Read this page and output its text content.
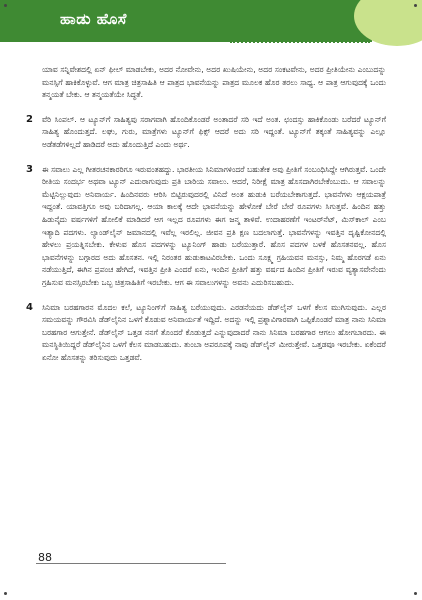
ಹಾಡು ಹೊಸೆ

ಯಾವ ಸನ್ನಿವೇಶದಲ್ಲಿ ಏನ್ ಫೀಲ್ ಮಾಡಬೇಕು, ಅದರ ನೋವೇನು, ಅದರ ಖುಷಿಯೇನು, ಅದರ ಸಂಕಟವೇನು, ಅದರ ಪ್ರೀತಿಯೇನು ಎಂಬುದನ್ನು ಮನಸ್ಸಿಗೆ ಹಾಕಿಕೊಳ್ಳುವೆ. ಆಗ ಮಾತ್ರ ಚಿತ್ರಸಾಹಿತಿ ಆ ಪಾತ್ರದ ಭಾವನೆಯನ್ನು ಪಾತ್ರದ ಮೂಲಕ ಹೊರ ತರಲು ಸಾಧ್ಯ. ಆ ಪಾತ್ರ ಆಗುವುದಕ್ಕೆ ಒಂದು ತನ್ಮಯತೆ ಬೇಕು. ಆ ತನ್ಮಯತೆಯೇ ಸಿದ್ಧತೆ.

2	ವೆರಿ ಸಿಂಪಲ್. ಆ ಟ್ಯೂನ್‌ಗೆ ಸಾಹಿತ್ಯವು ಸರಾಗವಾಗಿ ಹೊಂದಿಕೊಂಡರೆ ಅಂತಾದರೆ ಸರಿ ಇದೆ ಅಂತ. ಛಂದಸ್ಸು ಹಾಕಿಕೊಂಡು ಬರೆದರೆ ಟ್ಯೂನ್‌ಗೆ ಸಾಹಿತ್ಯ ಹೊಂದುತ್ತದೆ. ಲಘು, ಗುರು, ಮಾತ್ರೆಗಳು ಟ್ಯೂನ್‌ಗೆ ಫಿಕ್ಸ್ ಆದರೆ ಅದು ಸರಿ ಇದ್ದಂತೆ. ಟ್ಯೂನ್‌ಗೆ ತಕ್ಕಂತೆ ಸಾಹಿತ್ಯವನ್ನು ಎಲ್ಲೂ ಅಡೆತಡೆಗಳಿಲ್ಲದೆ ಹಾಡಿದರೆ ಅದು ಹೊಂದುತ್ತಿದೆ ಎಂದು ಅರ್ಥ.
3	ಈ ಸವಾಲು ಎಲ್ಲ ಗೀತರಚನಕಾರರಿಗೂ ಇರುವಂತಹದ್ದು. ಭಾರತೀಯ ಸಿನಿಮಾಗಳಿಂದರೆ ಬಹುತೇಕ ಅವು ಪ್ರೀತಿಗೆ ಸಂಬಂಧಿಸಿದ್ದೇ ಆಗಿರುತ್ತವೆ. ಒಂದೇ ರೀತಿಯ ಸಂದರ್ಭ ಅಥವಾ ಟ್ಯೂನ್ ಎದುರಾಗುವುದು ಪ್ರತಿ ಬಾರಿಯ ಸವಾಲು. ಆದರೆ, ನಿರೀಕ್ಷೆ ಮಾತ್ರ ಹೊಸದಾಗಿರಬೇಕೆಂಬುದು. ಆ ಸವಾಲನ್ನು ಮೆಟ್ಟಿನಿಲ್ಲುವುದು ಅನಿವಾರ್ಯ. ಹಿಂದಿನವರು ಆರಿಸಿ ಬಿಟ್ಟಿರುವುದರಲ್ಲಿ ವಿನಿದೆ ಅಂತ ಹುಡುಕಿ ಬರೆಯಬೇಕಾಗುತ್ತದೆ. ಭಾವನೆಗಳು ಆಕ್ಷಯಪಾತ್ರೆ ಇದ್ದಂತೆ. ಯಾವತ್ತಿಗೂ ಅವು ಬರಿದಾಗಲ್ಲ. ಆಯಾ ಕಾಲಕ್ಕೆ ಆದೇ ಭಾವನೆಯನ್ನು ಹೇಳೋಕೆ ಬೇರೆ ಬೇರೆ ರೂಪಗಳು ಸಿಗುತ್ತವೆ. ಹಿಂದಿನ ಹತ್ತು ಹಿಡುನೈದು ವರ್ಷಗಳಿಗೆ ಹೋಲಿಕೆ ಮಾಡಿದರೆ ಆಗ ಇಲ್ಲದ ರೂಪಗಳು ಈಗ ಜನ್ಮ ತಾಳಿವೆ. ಉದಾಹರಣೆಗೆ ಇಂಟರ್‌ನೆಟ್, ಮಿಸ್‌ಕಾಲ್ ಎಂಬ ಇತ್ಯಾದಿ ಪದಗಳು. ಲ್ಯಾಂಡ್‌ಲೈನ್ ಜಮಾನದಲ್ಲಿ ಇವೆಲ್ಲ ಇರಲಿಲ್ಲ. ಜೀವನ ಪ್ರತಿ ಕ್ಷಣ ಬದಲಾಗುತ್ತೆ. ಭಾವನೆಗಳನ್ನು ಇವತ್ತಿನ ದೃಷ್ಟಿಕೋನದಲ್ಲಿ ಹೇಳಲು ಪ್ರಯತ್ನಿಸಬೇಕು. ಕೇಳುವ ಹೊಸ ಪದಗಳನ್ನು ಟ್ಯೂನಿಂಗ್ ಹಾಡು ಬರೆಯುತ್ತಾರೆ. ಹೊಸ ಪದಗಳ ಬಳಕೆ ಹೊಸತನವಲ್ಲ. ಹೊಸ ಭಾವನೆಗಳನ್ನು ಬಗ್ಗಾರದ ಅದು ಹೊಸತನ. ಇಲ್ಲಿ ನಿರಂತರ ಹುಡುಕಾಟವಿರಬೇಕು. ಒಂದು ಸೂಕ್ಷ್ಮ ಗ್ರಹಿಯವನ ಮನಸ್ಸು, ನಿಮ್ಮ ಹೊರಗಡೆ ಏನು ನಡೆಯುತ್ತಿದೆ, ಈಗಿನ ಪ್ರಪಂಚ ಹೇಗಿದೆ, ಇವತ್ತಿನ ಪ್ರೀತಿ ಎಂದರೆ ಏನು, ಇಂದಿನ ಪ್ರೀತಿಗೆ ಹತ್ತು ವರ್ಷದ ಹಿಂದಿನ ಪ್ರೀತಿಗೆ ಇರುವ ವ್ಯತ್ಯಾಸವೇನೆಂದು ಗ್ರಹಿಸುವ ಮನಸ್ಸಿರಬೇಕು ಒಬ್ಬ ಚಿತ್ರಸಾಹಿತಿಗೆ ಇರಬೇಕು. ಆಗ ಈ ಸವಾಲುಗಳನ್ನು ಅವನು ಎದುರಿಸಬಹುದು.
4	ಸಿನಿಮಾ ಬರಹಗಾರನ ಮೊದಲ ಕಲೆ, ಟ್ಯೂನಿಂಗ್‌ಗೆ ಸಾಹಿತ್ಯ ಬರೆಯುವುದು. ಎರಡನೆಯದು ಡೆಡ್‌ಲೈನ್ ಒಳಗೆ ಕೆಲಸ ಮುಗಿಸುವುದು. ಎಲ್ಲರ ಸಮಯವನ್ನು ಗೌರವಿಸಿ ಡೆಡ್‌ಲೈನಿನ ಒಳಗೆ ಕೊಡುವ ಅನಿವಾರ್ಯತೆ ಇದ್ದಿದೆ. ಅದನ್ನು ಇಲ್ಲಿ ಪ್ರಶ್ನಾವಿಗಾರವಾಗಿ ಒಪ್ಪಿಕೊಂಡರೆ ಮಾತ್ರ ನಾನು ಸಿನಿಮಾ ಬರಹಗಾರ ಆಗುತ್ತೇನೆ. ಡೆಡ್‌ಲೈನ್ ಒತ್ತಡ ನನಗೆ ತೊಂದರೆ ಕೊಡುತ್ತದೆ ಎನ್ನುವುದಾದರೆ ನಾನು ಸಿನಿಮಾ ಬರಹಗಾರ ಆಗಲು ಹೋಗಬಾರದು. ಈ ಮನಸ್ಥಿತಿಯಿದ್ದರೆ ಡೆಡ್‌ಲೈನಿನ ಒಳಗೆ ಕೆಲಸ ಮಾಡಬಹುದು. ತುಂಬಾ ಅಪರೂಪಕ್ಕೆ ನಾವು ಡೆಡ್‌ಲೈನ್ ಮೀರುತ್ತೇವೆ. ಒತ್ತಡವೂ ಇರಬೇಕು. ಏಕೆಂದರೆ ಏನೋ ಹೊಸತನ್ನು ತರಿಸುವುದು ಒತ್ತಡವೆ.
88
